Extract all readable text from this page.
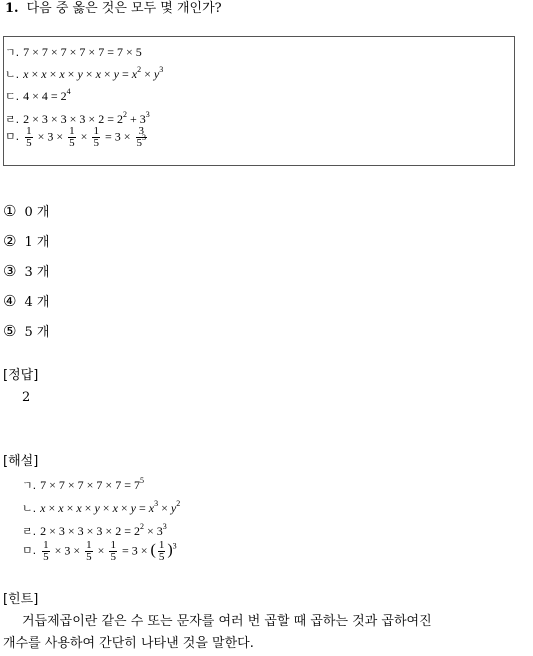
1. 다음 중 옳은 것은 모두 몇 개인가?
ㄱ. 7 × 7 × 7 × 7 × 7 = 7 × 5
ㄴ. $x \times x \times x \times y \times x \times y = x^2 \times y^3$
ㄷ. $4 \times 4 = 2^4$
ㄹ. $2 \times 3 \times 3 \times 3 \times 2 = 2^2 + 3^3$
ㅁ. $\frac{1}{5} \times 3 \times \frac{1}{5} \times \frac{1}{5} = 3 \times \frac{3}{5^3}$
① 0 개
② 1 개
③ 3 개
④ 4 개
⑤ 5 개
[정답]
2
[해설]
ㄱ. $7 \times 7 \times 7 \times 7 \times 7 = 7^5$
ㄴ. $x \times x \times x \times y \times x \times y = x^3 \times y^2$
ㄹ. $2 \times 3 \times 3 \times 3 \times 2 = 2^2 \times 3^3$
ㅁ. $\frac{1}{5} \times 3 \times \frac{1}{5} \times \frac{1}{5} = 3$ × ( $\frac{1}{5} )^3$
[힌트]
거듭제곱이란 같은 수 또는 문자를 여러 번 곱할 때 곱하는 것과 곱하여진
개수를 사용하여 간단히 나타낸 것을 말한다.
